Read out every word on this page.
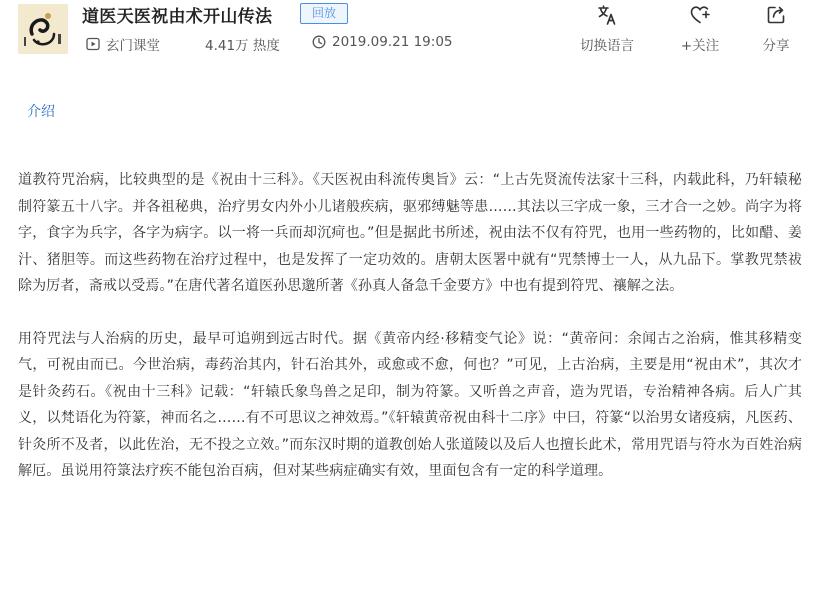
道医天医祝由术开山传法	回放
玄门课堂	4.41万 热度	2019.09.21 19:05	切换语言	+关注	分享
介绍

道教符咒治病，比较典型的是《祝由十三科》。《天医祝由科流传奥旨》云：“上古先贤流传法家十三科，内载此科，乃轩辕秘制符篆五十八字。并各祖秘典，治疗男女内外小儿诸般疾病，驱邪缚魅等患……其法以三字成一象，三才合一之妙。尚字为将字，食字为兵字，各字为病字。以一将一兵而却沉疴也。”但是据此书所述，祝由法不仅有符咒，也用一些药物的，比如醋、姜汁、猪胆等。而这些药物在治疗过程中，也是发挥了一定功效的。唐朝太医署中就有“咒禁博士一人，从九品下。掌教咒禁祓除为厉者，斋戒以受焉。”在唐代著名道医孙思邈所著《孙真人备急千金要方》中也有提到符咒、禳解之法。

用符咒法与人治病的历史，最早可追朔到远古时代。据《黄帝内经·移精变气论》说：“黄帝问：余闻古之治病，惟其移精变气，可祝由而已。今世治病，毒药治其内，针石治其外，或愈或不愈，何也？”可见，上古治病，主要是用“祝由术”，其次才是针灸药石。《祝由十三科》记载：“轩辕氏象鸟兽之足印，制为符篆。又听兽之声音，造为咒语，专治精神各病。后人广其义，以梵语化为符篆，神而名之……有不可思议之神效焉。”《轩辕黄帝祝由科十二序》中曰，符篆“以治男女诸疫病，凡医药、针灸所不及者，以此佐治，无不投之立效。”而东汉时期的道教创始人张道陵以及后人也擅长此术，常用咒语与符水为百姓治病解厄。虽说用符箓法疗疾不能包治百病，但对某些病症确实有效，里面包含有一定的科学道理。
